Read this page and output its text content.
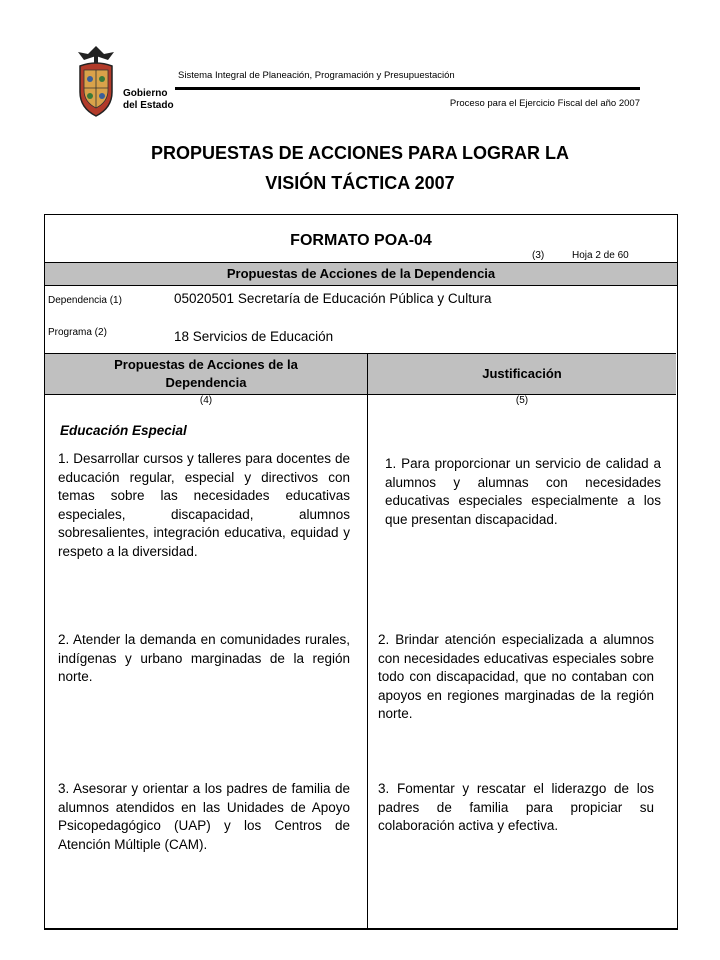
Gobierno
del Estado
Sistema Integral de Planeación, Programación y Presupuestación
Proceso para el Ejercicio Fiscal del año 2007
PROPUESTAS DE ACCIONES PARA LOGRAR LA
VISIÓN TÁCTICA 2007
FORMATO POA-04
(3)	Hoja 2 de 60
Propuestas de Acciones de la Dependencia
Dependencia (1)	05020501 Secretaría de Educación Pública y Cultura
Programa (2)	18 Servicios de Educación
Propuestas de Acciones de la
Dependencia
Justificación
(4)	(5)
Educación Especial
1. Desarrollar cursos y talleres para docentes de educación regular, especial y directivos con temas sobre las necesidades educativas especiales, discapacidad, alumnos sobresalientes, integración educativa, equidad y respeto a la diversidad.
1. Para proporcionar un servicio de calidad a alumnos y alumnas con necesidades educativas especiales especialmente a los que presentan discapacidad.
2. Atender la demanda en comunidades rurales, indígenas y urbano marginadas de la región norte.
2. Brindar atención especializada a alumnos con necesidades educativas especiales sobre todo con discapacidad, que no contaban con apoyos en regiones marginadas de la región norte.
3. Asesorar y orientar a los padres de familia de alumnos atendidos en las Unidades de Apoyo Psicopedagógico (UAP) y los Centros de Atención Múltiple (CAM).
3. Fomentar y rescatar el liderazgo de los padres de familia para propiciar su colaboración activa y efectiva.
